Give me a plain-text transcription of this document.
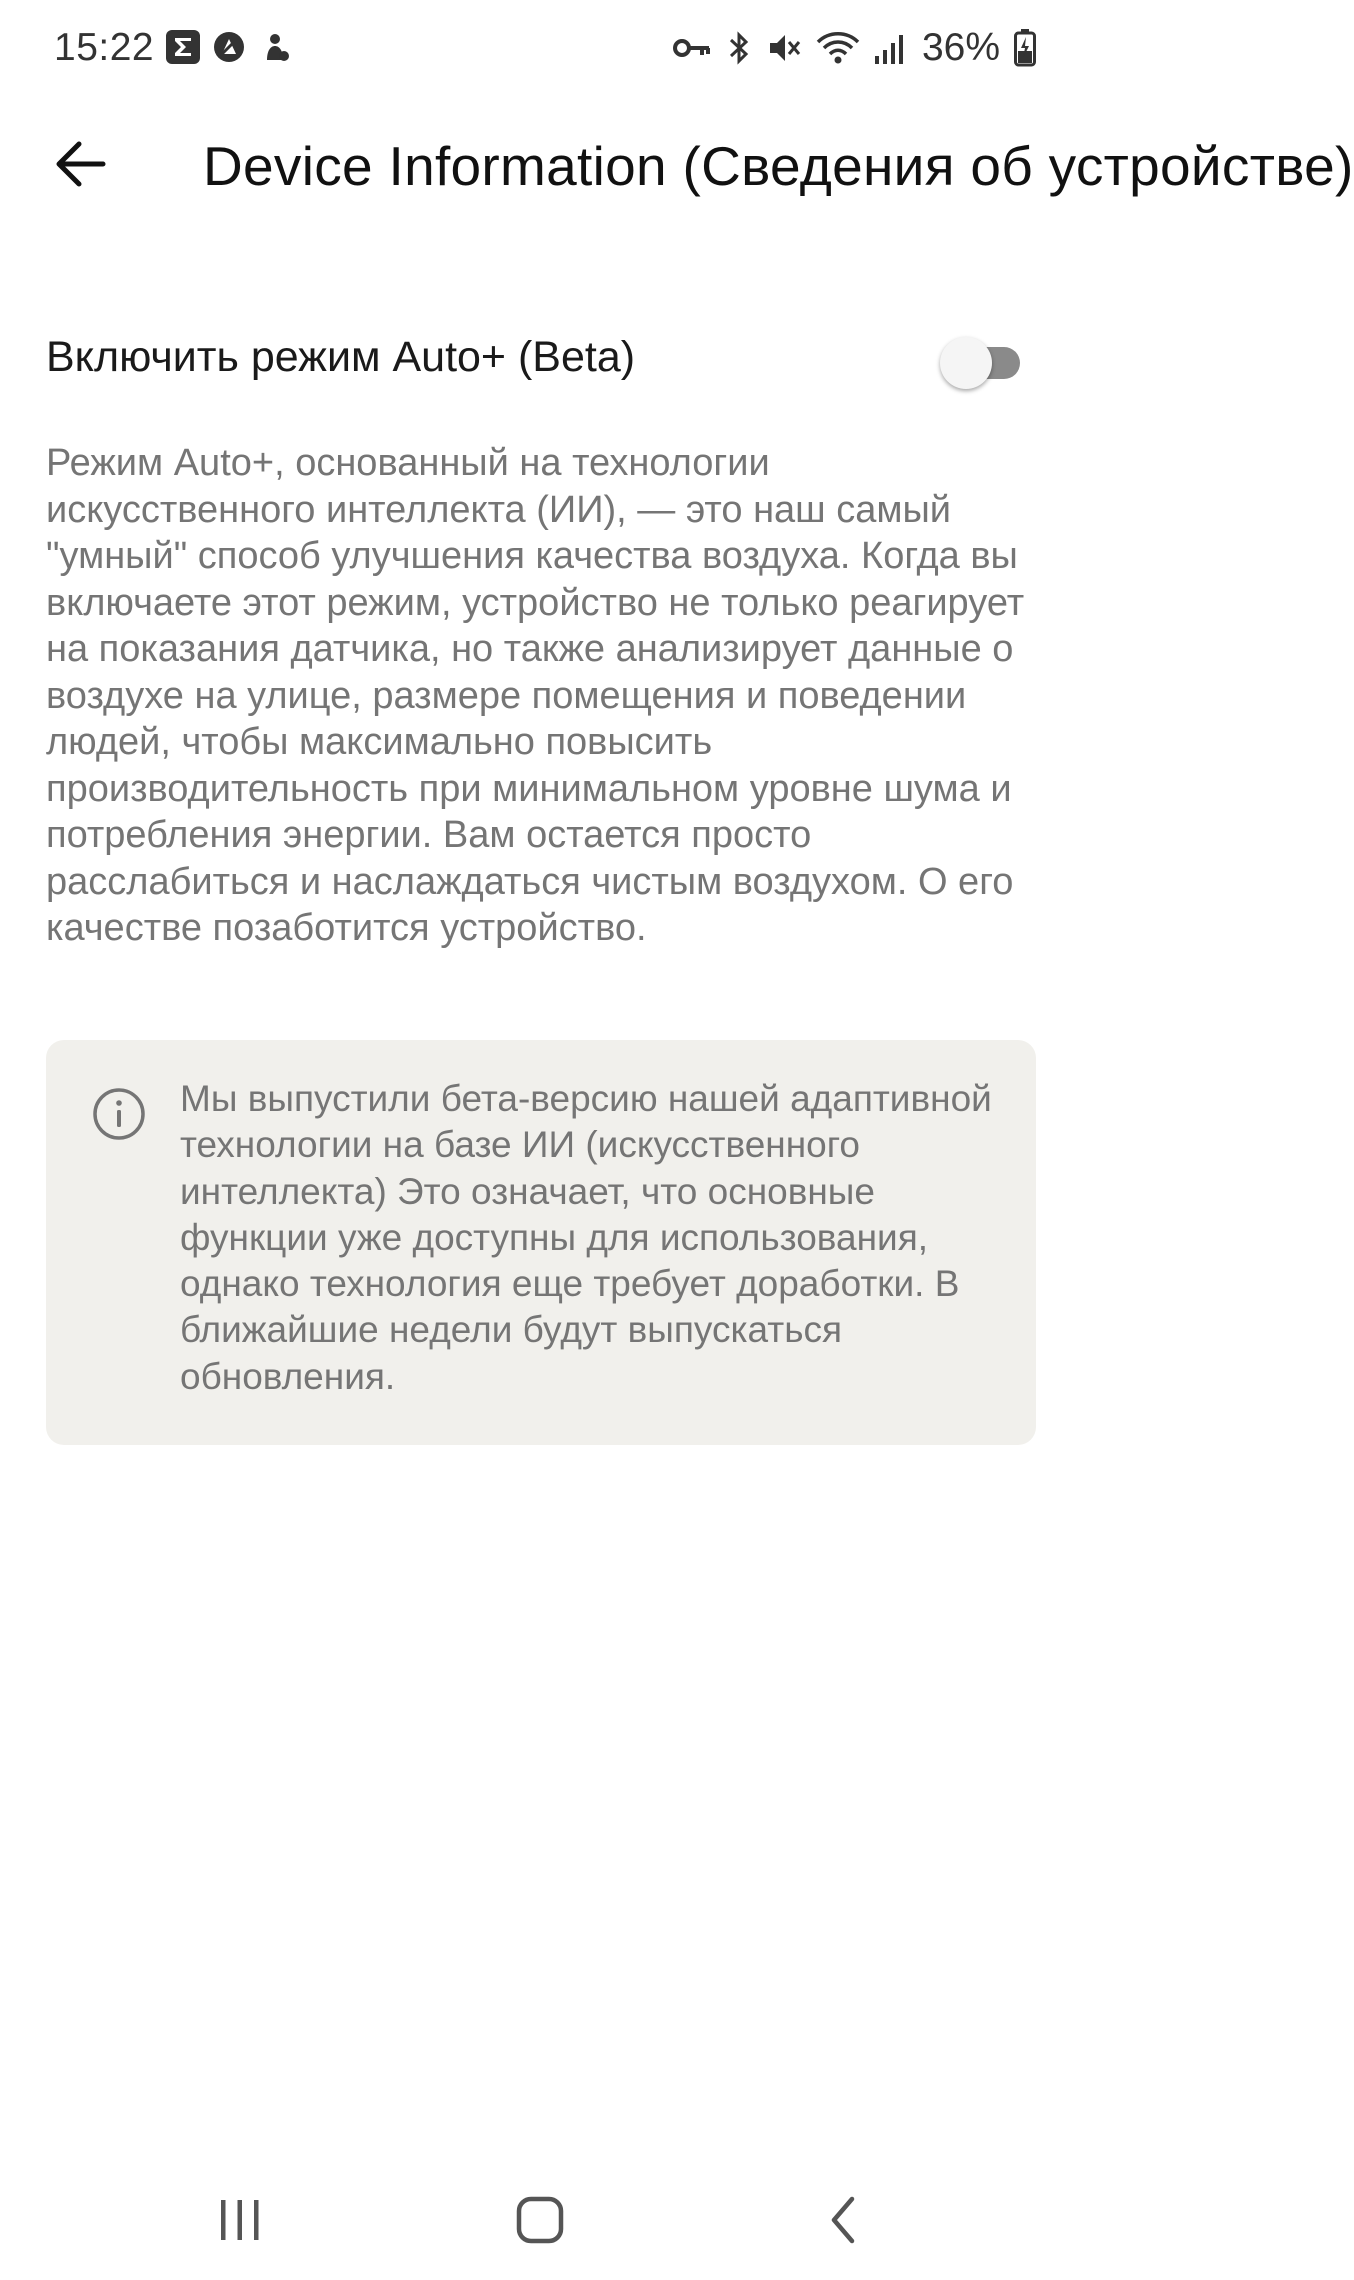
15:22	36%
Device Information (Сведения об устройстве)
Включить режим Auto+ (Beta)

Режим Auto+, основанный на технологии искусственного интеллекта (ИИ), — это наш самый "умный" способ улучшения качества воздуха. Когда вы включаете этот режим, устройство не только реагирует на показания датчика, но также анализирует данные о воздухе на улице, размере помещения и поведении людей, чтобы максимально повысить производительность при минимальном уровне шума и потребления энергии. Вам остается просто расслабиться и наслаждаться чистым воздухом. О его качестве позаботится устройство.

Мы выпустили бета-версию нашей адаптивной технологии на базе ИИ (искусственного интеллекта) Это означает, что основные функции уже доступны для использования, однако технология еще требует доработки. В ближайшие недели будут выпускаться обновления.
